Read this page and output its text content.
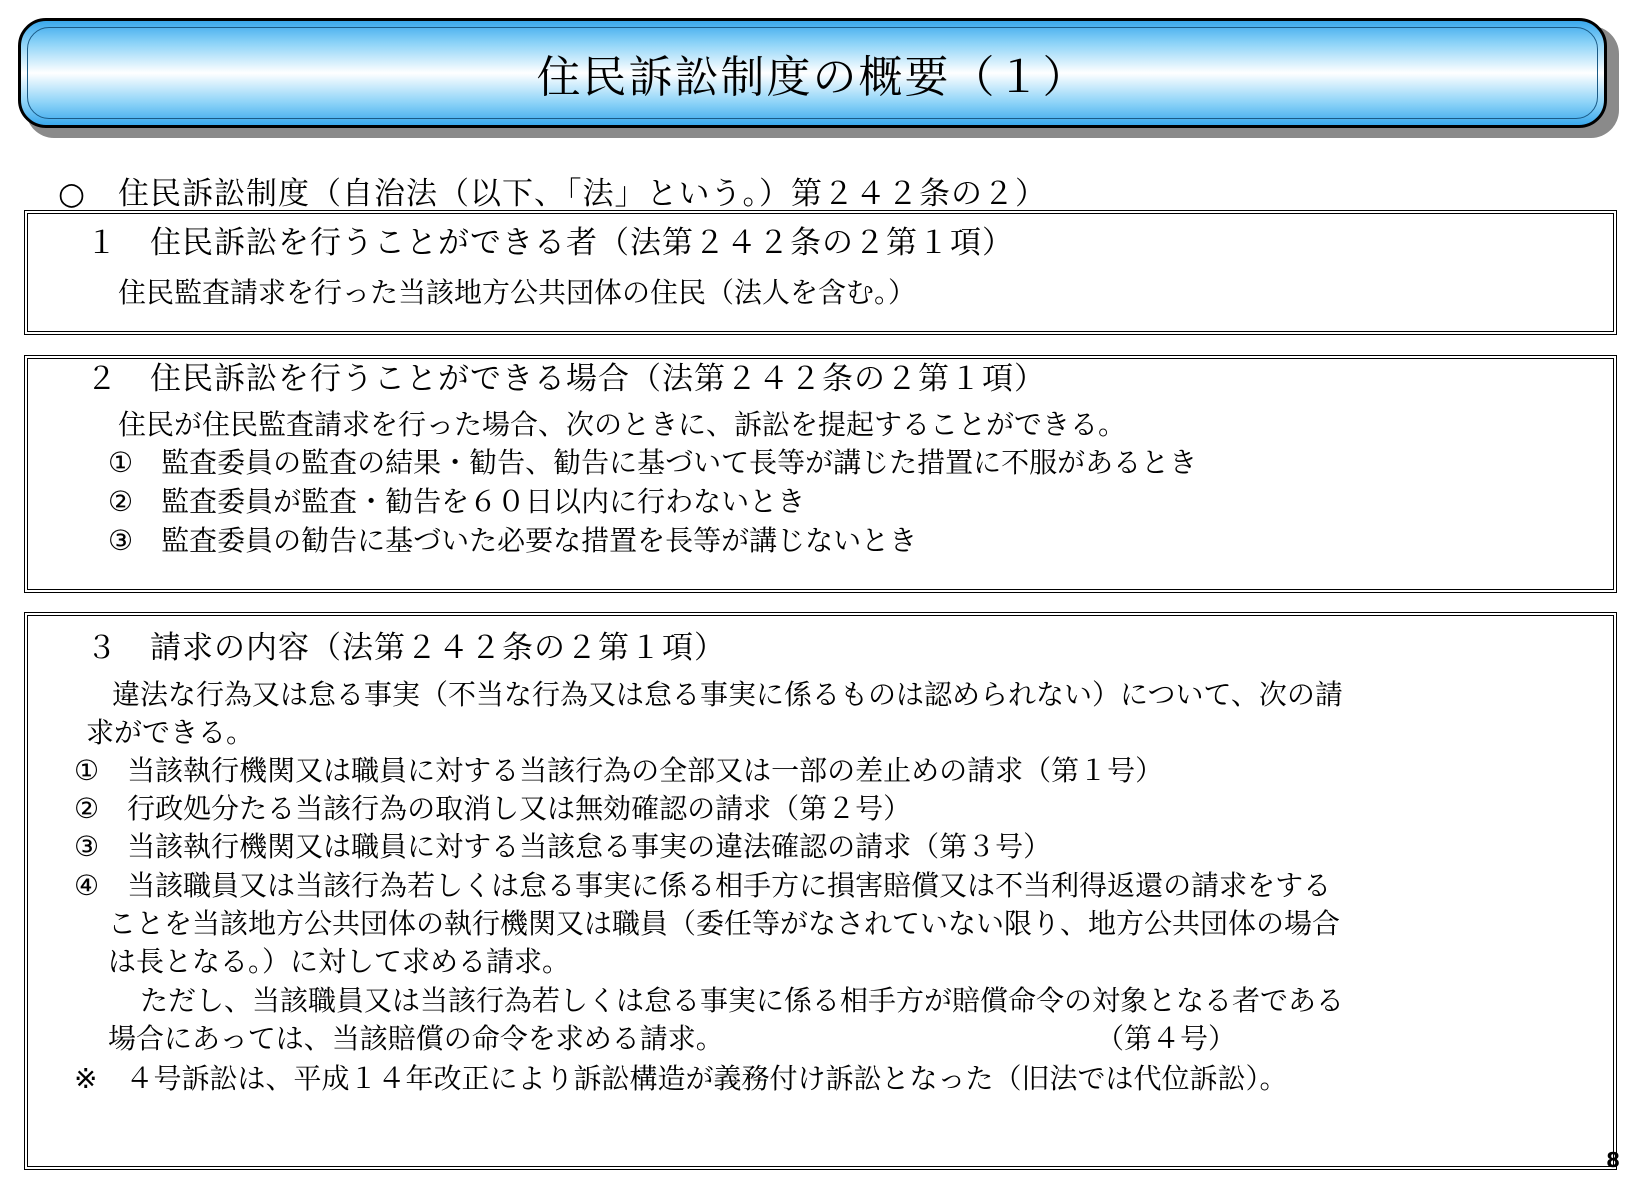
住民訴訟制度の概要（１）
○　住民訴訟制度（自治法（以下、「法」という。）第２４２条の２）
１　住民訴訟を行うことができる者（法第２４２条の２第１項）
住民監査請求を行った当該地方公共団体の住民（法人を含む。）
２　住民訴訟を行うことができる場合（法第２４２条の２第１項）
住民が住民監査請求を行った場合、次のときに、訴訟を提起することができる。
①　監査委員の監査の結果・勧告、勧告に基づいて長等が講じた措置に不服があるとき
②　監査委員が監査・勧告を６０日以内に行わないとき
③　監査委員の勧告に基づいた必要な措置を長等が講じないとき
３　請求の内容（法第２４２条の２第１項）
違法な行為又は怠る事実（不当な行為又は怠る事実に係るものは認められない）について、次の請
求ができる。
①　当該執行機関又は職員に対する当該行為の全部又は一部の差止めの請求（第１号）
②　行政処分たる当該行為の取消し又は無効確認の請求（第２号）
③　当該執行機関又は職員に対する当該怠る事実の違法確認の請求（第３号）
④　当該職員又は当該行為若しくは怠る事実に係る相手方に損害賠償又は不当利得返還の請求をする
ことを当該地方公共団体の執行機関又は職員（委任等がなされていない限り、地方公共団体の場合
は長となる。）に対して求める請求。
ただし、当該職員又は当該行為若しくは怠る事実に係る相手方が賠償命令の対象となる者である
場合にあっては、当該賠償の命令を求める請求。	（第４号）
※　４号訴訟は、平成１４年改正により訴訟構造が義務付け訴訟となった（旧法では代位訴訟）。
8
